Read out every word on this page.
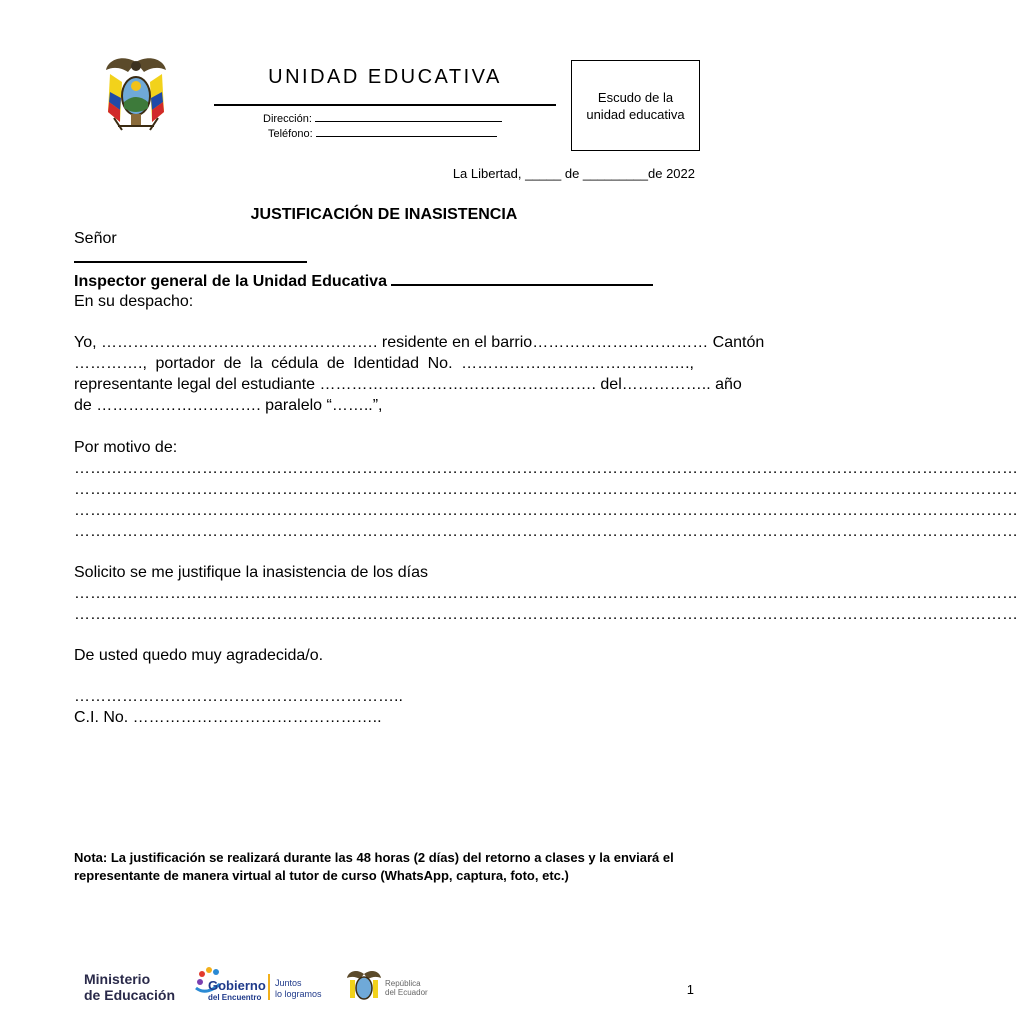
UNIDAD EDUCATIVA
Dirección:
Teléfono:
Escudo de la unidad educativa
La Libertad, _____ de _________de 2022
JUSTIFICACIÓN DE INASISTENCIA
Señor
Inspector general de la Unidad Educativa
En su despacho:
Yo, ……………………………………………. residente en el barrio…………………………… Cantón
…………., portador de la cédula de Identidad No. …………………………………….,
representante legal del estudiante ……………………………………………. del…………….. año
de …………………………. paralelo “……..”,
Por motivo de:
……………………………………………………………………………………………………………………………………………………………
……………………………………………………………………………………………………………………………………………………………
……………………………………………………………………………………………………………………………………………………………
……………………………………………………………………………………………………………………………………………………………
Solicito se me justifique la inasistencia de los días
……………………………………………………………………………………………………………………………………………………………
……………………………………………………………………………………………………………………………………………………………
De usted quedo muy agradecida/o.
……………………………………………………..
C.I. No. ………………………………………..
Nota: La justificación se realizará durante las 48 horas (2 días) del retorno a clases y la enviará el representante de manera virtual al tutor de curso (WhatsApp, captura, foto, etc.)
Ministerio
de Educación
Gobierno
del Encuentro
Juntos
lo logramos
República
del Ecuador	1
